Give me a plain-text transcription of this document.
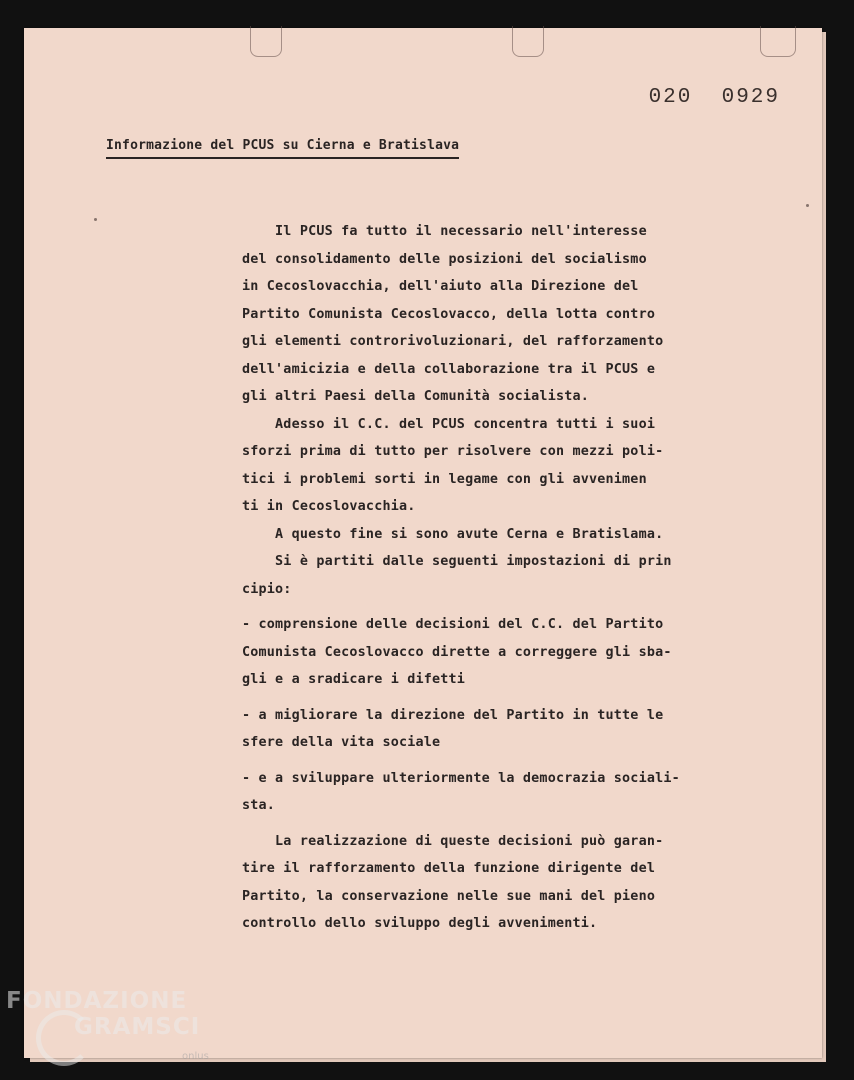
020  0929
Informazione del PCUS su Cierna e Bratislava
Il PCUS fa tutto il necessario nell'interesse
del consolidamento delle posizioni del socialismo
in Cecoslovacchia, dell'aiuto alla Direzione del
Partito Comunista Cecoslovacco, della lotta contro
gli elementi controrivoluzionari, del rafforzamento
dell'amicizia e della collaborazione tra il PCUS e
gli altri Paesi della Comunità socialista.
Adesso il C.C. del PCUS concentra tutti i suoi
sforzi prima di tutto per risolvere con mezzi poli-
tici i problemi sorti in legame con gli avvenimen
ti in Cecoslovacchia.
A questo fine si sono avute Cerna e Bratislama.
Si è partiti dalle seguenti impostazioni di prin
cipio:
- comprensione delle decisioni del C.C. del Partito
Comunista Cecoslovacco dirette a correggere gli sba-
gli e a sradicare i difetti
- a migliorare la direzione del Partito in tutte le
sfere della vita sociale
- e a sviluppare ulteriormente la democrazia sociali-
sta.
La realizzazione di queste decisioni può garan-
tire il rafforzamento della funzione dirigente del
Partito, la conservazione nelle sue mani del pieno
controllo dello sviluppo degli avvenimenti.
FONDAZIONE
GRAMSCI
onlus
